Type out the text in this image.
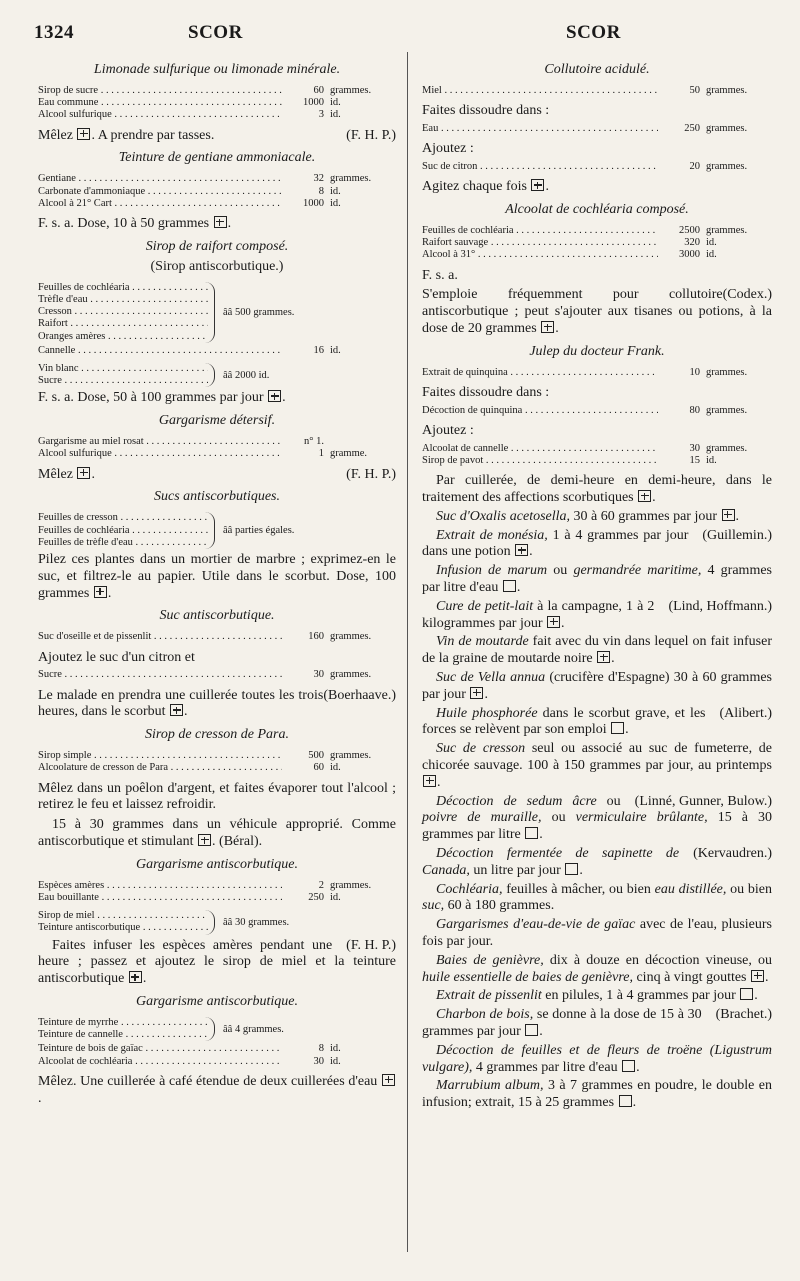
1324	SCOR	SCOR
Limonade sulfurique ou limonade minérale.
Sirop de sucre . . .	60 grammes.
Eau commune . . .	1000 id.
Alcool sulfurique . . .	3 id.
(F. H. P.)
Mêlez . A prendre par tasses.
Teinture de gentiane ammoniacale.
Gentiane . . .	32 grammes.
Carbonate d'ammoniaque . . .	8 id.
Alcool à 21° Cart . . .	1000 id.
F. s. a. Dose, 10 à 50 grammes .
Sirop de raifort composé.
(Sirop antiscorbutique.)
Feuilles de cochléaria . . .
Trèfle d'eau . . .
Cresson . . .
Raifort . . .
Oranges amères . . .
ââ 500 grammes.
Cannelle . . .	16 id.
Vin blanc . . .
Sucre . . .	ââ 2000 id.
F. s. a. Dose, 50 à 100 grammes par jour .
Gargarisme détersif.
Gargarisme au miel rosat . . .	n° 1.
Alcool sulfurique . . .	1 gramme.
(F. H. P.)
Mêlez .
Sucs antiscorbutiques.
Feuilles de cresson . . .
Feuilles de cochléaria . . .
Feuilles de trèfle d'eau . . .
ââ parties égales.
Pilez ces plantes dans un mortier de marbre ; exprimez-en le suc, et filtrez-le au papier. Utile dans le scorbut. Dose, 100 grammes .
Suc antiscorbutique.
Suc d'oseille et de pissenlit . . .	160 grammes.
Ajoutez le suc d'un citron et
Sucre . . .	30 grammes.
(Boerhaave.)
Le malade en prendra une cuillerée toutes les trois heures, dans le scorbut .
Sirop de cresson de Para.
Sirop simple . . .	500 grammes.
Alcoolature de cresson de Para . . .	60 id.
Mêlez dans un poêlon d'argent, et faites évaporer tout l'alcool ; retirez le feu et laissez refroidir.
15 à 30 grammes dans un véhicule approprié. Comme antiscorbutique et stimulant . (Béral).
Gargarisme antiscorbutique.
Espèces amères . . .	2 grammes.
Eau bouillante . . .	250 id.
Sirop de miel . . .
Teinture antiscorbutique . . .	ââ 30 grammes.
(F. H. P.)
Faites infuser les espèces amères pendant une heure ; passez et ajoutez le sirop de miel et la teinture antiscorbutique .
Gargarisme antiscorbutique.
Teinture de myrrhe . . .
Teinture de cannelle . . .	ââ 4 grammes.
Teinture de bois de gaïac . . .	8 id.
Alcoolat de cochléaria . . .	30 id.
Mêlez. Une cuillerée à café étendue de deux cuillerées d'eau .
Collutoire acidulé.
Miel . . .	50 grammes.
Faites dissoudre dans :
Eau . . .	250 grammes.
Ajoutez :
Suc de citron . . .	20 grammes.
Agitez chaque fois .
Alcoolat de cochléaria composé.
Feuilles de cochléaria . . .	2500 grammes.
Raifort sauvage . . .	320 id.
Alcool à 31° . . .	3000 id.
F. s. a.
(Codex.)
S'emploie fréquemment pour collutoire antiscorbutique ; peut s'ajouter aux tisanes ou potions, à la dose de 20 grammes .
Julep du docteur Frank.
Extrait de quinquina . . .	10 grammes.
Faites dissoudre dans :
Décoction de quinquina . . .	80 grammes.
Ajoutez :
Alcoolat de cannelle . . .	30 grammes.
Sirop de pavot . . .	15 id.
Par cuillerée, de demi-heure en demi-heure, dans le traitement des affections scorbutiques .
Suc d'Oxalis acetosella, 30 à 60 grammes par jour .
(Guillemin.)
Extrait de monésia, 1 à 4 grammes par jour dans une potion .
Infusion de marum ou germandrée maritime, 4 grammes par litre d'eau .
(Lind, Hoffmann.)
Cure de petit-lait à la campagne, 1 à 2 kilogrammes par jour .
Vin de moutarde fait avec du vin dans lequel on fait infuser de la graine de moutarde noire .
Suc de Vella annua (crucifère d'Espagne) 30 à 60 grammes par jour .
(Alibert.)
Huile phosphorée dans le scorbut grave, et les forces se relèvent par son emploi .
Suc de cresson seul ou associé au suc de fumeterre, de chicorée sauvage. 100 à 150 grammes par jour, au printemps .
(Linné, Gunner, Bulow.)
Décoction de sedum âcre ou poivre de muraille, ou vermiculaire brûlante, 15 à 30 grammes par litre .
(Kervaudren.)
Décoction fermentée de sapinette de Canada, un litre par jour .
Cochléaria, feuilles à mâcher, ou bien eau distillée, ou bien suc, 60 à 180 grammes.
Gargarismes d'eau-de-vie de gaïac avec de l'eau, plusieurs fois par jour.
Baies de genièvre, dix à douze en décoction vineuse, ou huile essentielle de baies de genièvre, cinq à vingt gouttes .
Extrait de pissenlit en pilules, 1 à 4 grammes par jour .
(Brachet.)
Charbon de bois, se donne à la dose de 15 à 30 grammes par jour .
Décoction de feuilles et de fleurs de troëne (Ligustrum vulgare), 4 grammes par litre d'eau .
Marrubium album, 3 à 7 grammes en poudre, le double en infusion; extrait, 15 à 25 grammes .
